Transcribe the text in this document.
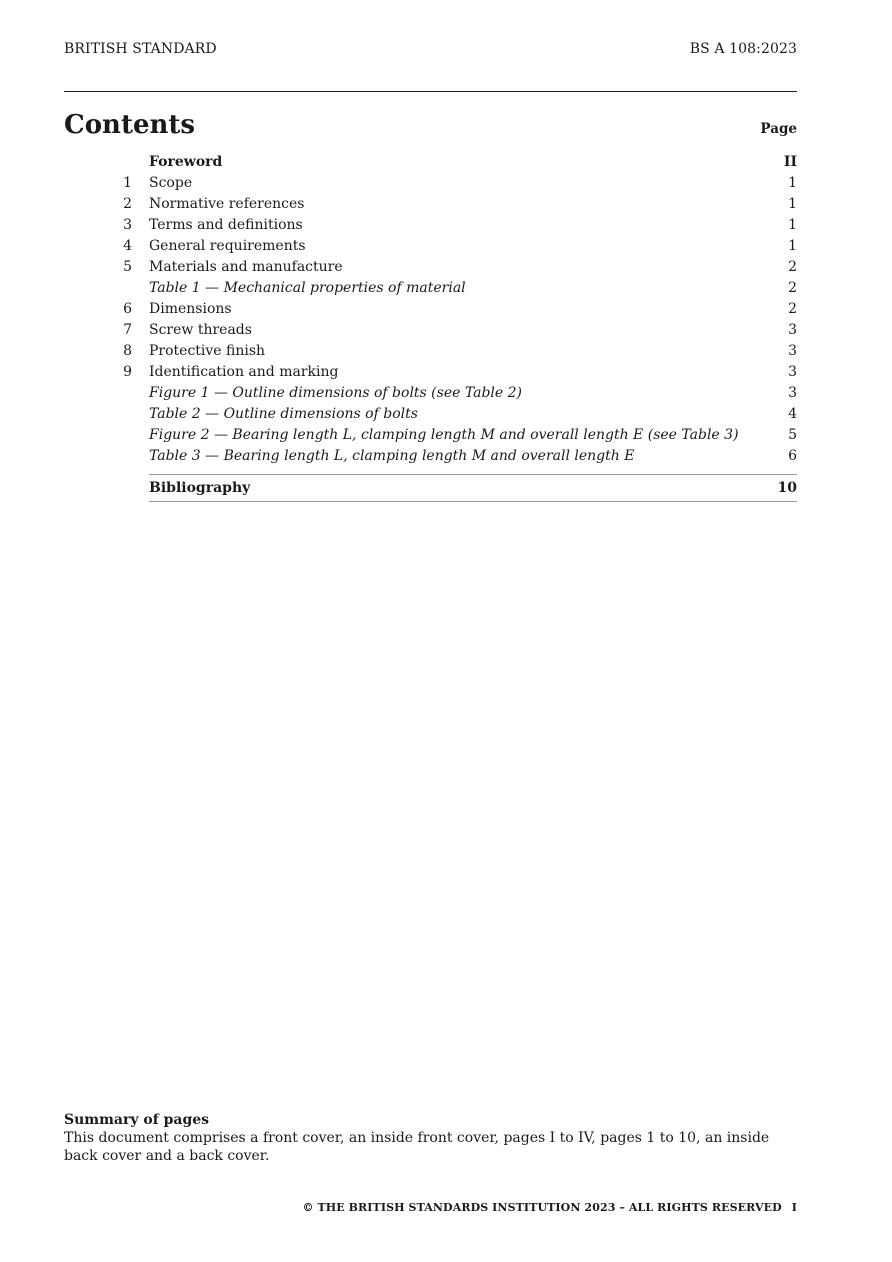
BRITISH STANDARD	BS A 108:2023
Contents	Page
Foreword	II
1 Scope	1
2 Normative references	1
3 Terms and definitions	1
4 General requirements	1
5 Materials and manufacture	2
Table 1 — Mechanical properties of material	2
6 Dimensions	2
7 Screw threads	3
8 Protective finish	3
9 Identification and marking	3
Figure 1 — Outline dimensions of bolts (see Table 2)	3
Table 2 — Outline dimensions of bolts	4
Figure 2 — Bearing length L, clamping length M and overall length E (see Table 3)	5
Table 3 — Bearing length L, clamping length M and overall length E	6
Bibliography	10
Summary of pages
This document comprises a front cover, an inside front cover, pages I to IV, pages 1 to 10, an inside back cover and a back cover.
© THE BRITISH STANDARDS INSTITUTION 2023 – ALL RIGHTS RESERVED I
